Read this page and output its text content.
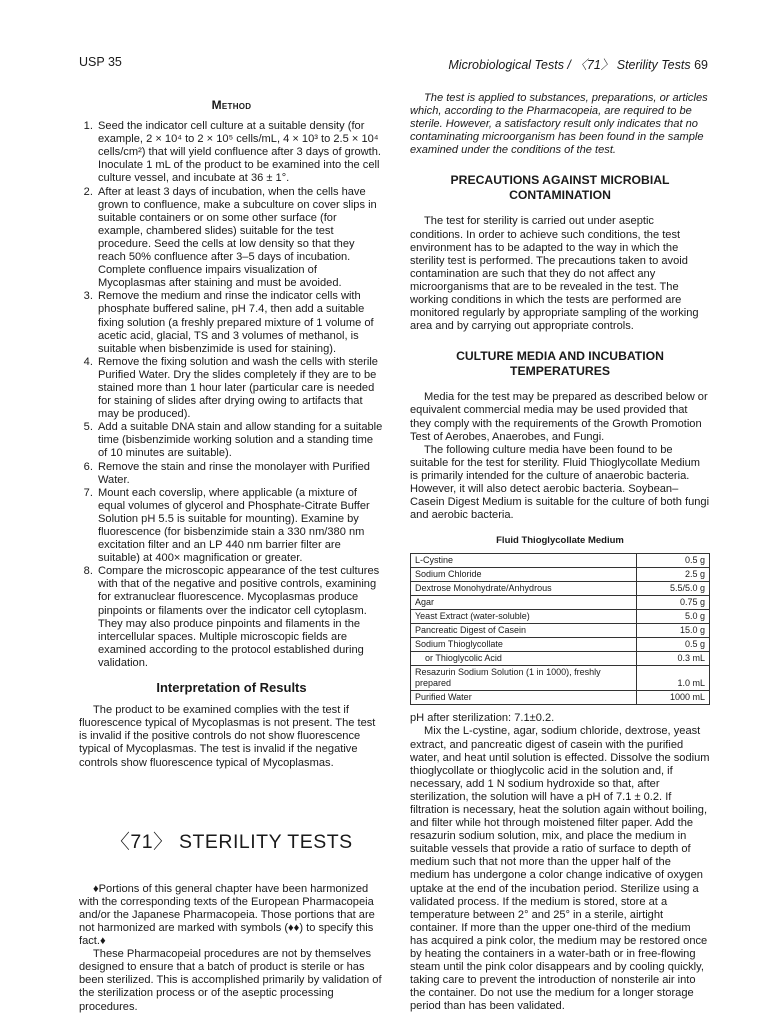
USP 35	Microbiological Tests / 〈71〉 Sterility Tests 69
Method
1. Seed the indicator cell culture at a suitable density (for example, 2 × 10⁴ to 2 × 10⁵ cells/mL, 4 × 10³ to 2.5 × 10⁴ cells/cm²) that will yield confluence after 3 days of growth. Inoculate 1 mL of the product to be examined into the cell culture vessel, and incubate at 36 ± 1°.
2. After at least 3 days of incubation, when the cells have grown to confluence, make a subculture on cover slips in suitable containers or on some other surface (for example, chambered slides) suitable for the test procedure. Seed the cells at low density so that they reach 50% confluence after 3–5 days of incubation. Complete confluence impairs visualization of Mycoplasmas after staining and must be avoided.
3. Remove the medium and rinse the indicator cells with phosphate buffered saline, pH 7.4, then add a suitable fixing solution (a freshly prepared mixture of 1 volume of acetic acid, glacial, TS and 3 volumes of methanol, is suitable when bisbenzimide is used for staining).
4. Remove the fixing solution and wash the cells with sterile Purified Water. Dry the slides completely if they are to be stained more than 1 hour later (particular care is needed for staining of slides after drying owing to artifacts that may be produced).
5. Add a suitable DNA stain and allow standing for a suitable time (bisbenzimide working solution and a standing time of 10 minutes are suitable).
6. Remove the stain and rinse the monolayer with Purified Water.
7. Mount each coverslip, where applicable (a mixture of equal volumes of glycerol and Phosphate-Citrate Buffer Solution pH 5.5 is suitable for mounting). Examine by fluorescence (for bisbenzimide stain a 330 nm/380 nm excitation filter and an LP 440 nm barrier filter are suitable) at 400× magnification or greater.
8. Compare the microscopic appearance of the test cultures with that of the negative and positive controls, examining for extranuclear fluorescence. Mycoplasmas produce pinpoints or filaments over the indicator cell cytoplasm. They may also produce pinpoints and filaments in the intercellular spaces. Multiple microscopic fields are examined according to the protocol established during validation.
Interpretation of Results

The product to be examined complies with the test if fluorescence typical of Mycoplasmas is not present. The test is invalid if the positive controls do not show fluorescence typical of Mycoplasmas. The test is invalid if the negative controls show fluorescence typical of Mycoplasmas.

〈71〉 STERILITY TESTS

♦Portions of this general chapter have been harmonized with the corresponding texts of the European Pharmacopeia and/or the Japanese Pharmacopeia. Those portions that are not harmonized are marked with symbols (♦♦) to specify this fact.♦

These Pharmacopeial procedures are not by themselves designed to ensure that a batch of product is sterile or has been sterilized. This is accomplished primarily by validation of the sterilization process or of the aseptic processing procedures.

The test is applied to substances, preparations, or articles which, according to the Pharmacopeia, are required to be sterile. However, a satisfactory result only indicates that no contaminating microorganism has been found in the sample examined under the conditions of the test.

PRECAUTIONS AGAINST MICROBIAL CONTAMINATION

The test for sterility is carried out under aseptic conditions. In order to achieve such conditions, the test environment has to be adapted to the way in which the sterility test is performed. The precautions taken to avoid contamination are such that they do not affect any microorganisms that are to be revealed in the test. The working conditions in which the tests are performed are monitored regularly by appropriate sampling of the working area and by carrying out appropriate controls.

CULTURE MEDIA AND INCUBATION TEMPERATURES

Media for the test may be prepared as described below or equivalent commercial media may be used provided that they comply with the requirements of the Growth Promotion Test of Aerobes, Anaerobes, and Fungi.

The following culture media have been found to be suitable for the test for sterility. Fluid Thioglycollate Medium is primarily intended for the culture of anaerobic bacteria. However, it will also detect aerobic bacteria. Soybean–Casein Digest Medium is suitable for the culture of both fungi and aerobic bacteria.

Fluid Thioglycollate Medium
L-Cystine	0.5 g
Sodium Chloride	2.5 g
Dextrose Monohydrate/Anhydrous	5.5/5.0 g
Agar	0.75 g
Yeast Extract (water-soluble)	5.0 g
Pancreatic Digest of Casein	15.0 g
Sodium Thioglycollate	0.5 g
or Thioglycolic Acid	0.3 mL
Resazurin Sodium Solution (1 in 1000), freshly prepared	1.0 mL
Purified Water	1000 mL

pH after sterilization: 7.1±0.2.

Mix the L-cystine, agar, sodium chloride, dextrose, yeast extract, and pancreatic digest of casein with the purified water, and heat until solution is effected. Dissolve the sodium thioglycollate or thioglycolic acid in the solution and, if necessary, add 1 N sodium hydroxide so that, after sterilization, the solution will have a pH of 7.1 ± 0.2. If filtration is necessary, heat the solution again without boiling, and filter while hot through moistened filter paper. Add the resazurin sodium solution, mix, and place the medium in suitable vessels that provide a ratio of surface to depth of medium such that not more than the upper half of the medium has undergone a color change indicative of oxygen uptake at the end of the incubation period. Sterilize using a validated process. If the medium is stored, store at a temperature between 2° and 25° in a sterile, airtight container. If more than the upper one-third of the medium has acquired a pink color, the medium may be restored once by heating the containers in a water-bath or in free-flowing steam until the pink color disappears and by cooling quickly, taking care to prevent the introduction of nonsterile air into the container. Do not use the medium for a longer storage period than has been validated.
